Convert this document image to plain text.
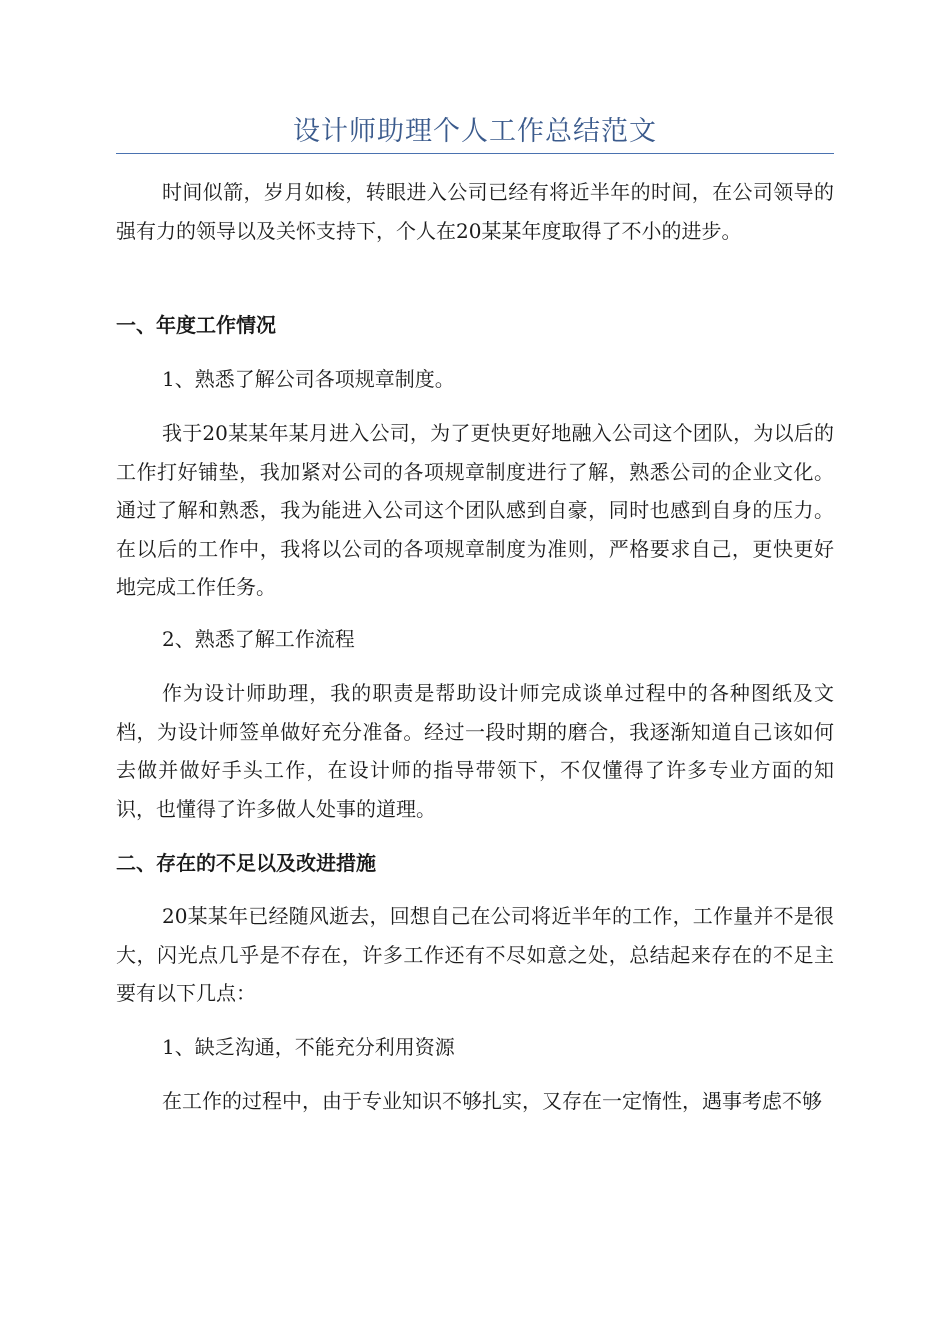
设计师助理个人工作总结范文

时间似箭，岁月如梭，转眼进入公司已经有将近半年的时间，在公司领导的强有力的领导以及关怀支持下，个人在20某某年度取得了不小的进步。

一、年度工作情况

1、熟悉了解公司各项规章制度。

我于20某某年某月进入公司，为了更快更好地融入公司这个团队，为以后的工作打好铺垫，我加紧对公司的各项规章制度进行了解，熟悉公司的企业文化。通过了解和熟悉，我为能进入公司这个团队感到自豪，同时也感到自身的压力。在以后的工作中，我将以公司的各项规章制度为准则，严格要求自己，更快更好地完成工作任务。

2、熟悉了解工作流程

作为设计师助理，我的职责是帮助设计师完成谈单过程中的各种图纸及文档，为设计师签单做好充分准备。经过一段时期的磨合，我逐渐知道自己该如何去做并做好手头工作，在设计师的指导带领下，不仅懂得了许多专业方面的知识，也懂得了许多做人处事的道理。

二、存在的不足以及改进措施

20某某年已经随风逝去，回想自己在公司将近半年的工作，工作量并不是很大，闪光点几乎是不存在，许多工作还有不尽如意之处，总结起来存在的不足主要有以下几点：

1、缺乏沟通，不能充分利用资源

在工作的过程中，由于专业知识不够扎实，又存在一定惰性，遇事考虑不够
